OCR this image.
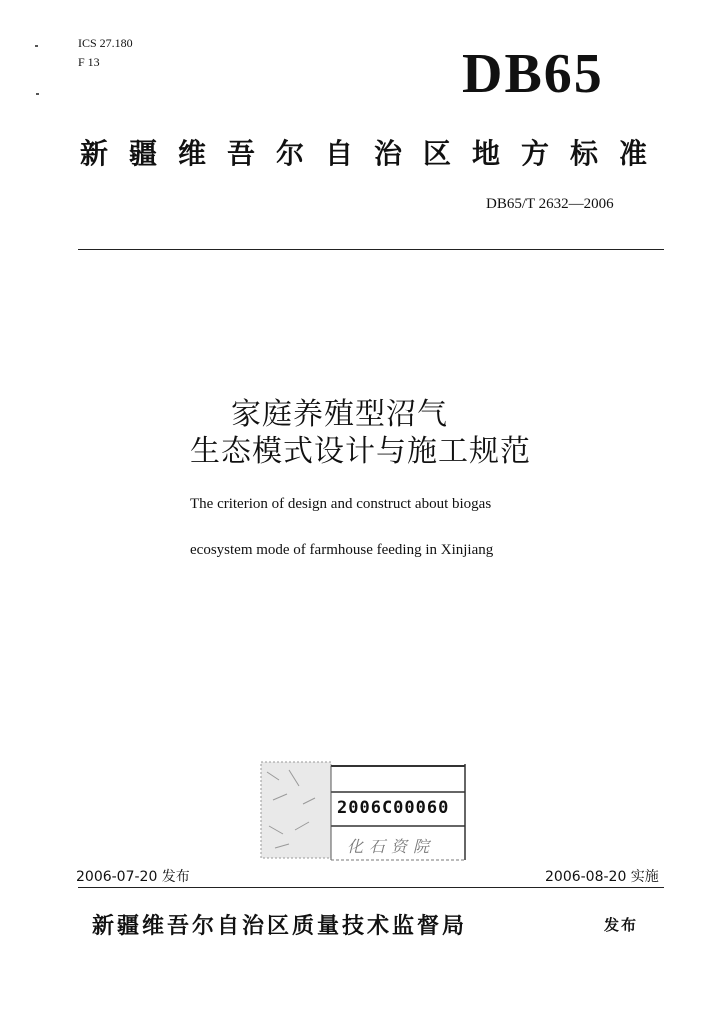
ICS 27.180
F 13	DB65
新疆维吾尔自治区地方标准
DB65/T 2632—2006
家庭养殖型沼气
生态模式设计与施工规范
The criterion of design and construct about biogas
ecosystem mode of farmhouse feeding in Xinjiang
2006C00060
化石资院
2006-07-20 发布	2006-08-20 实施
新疆维吾尔自治区质量技术监督局	发布
